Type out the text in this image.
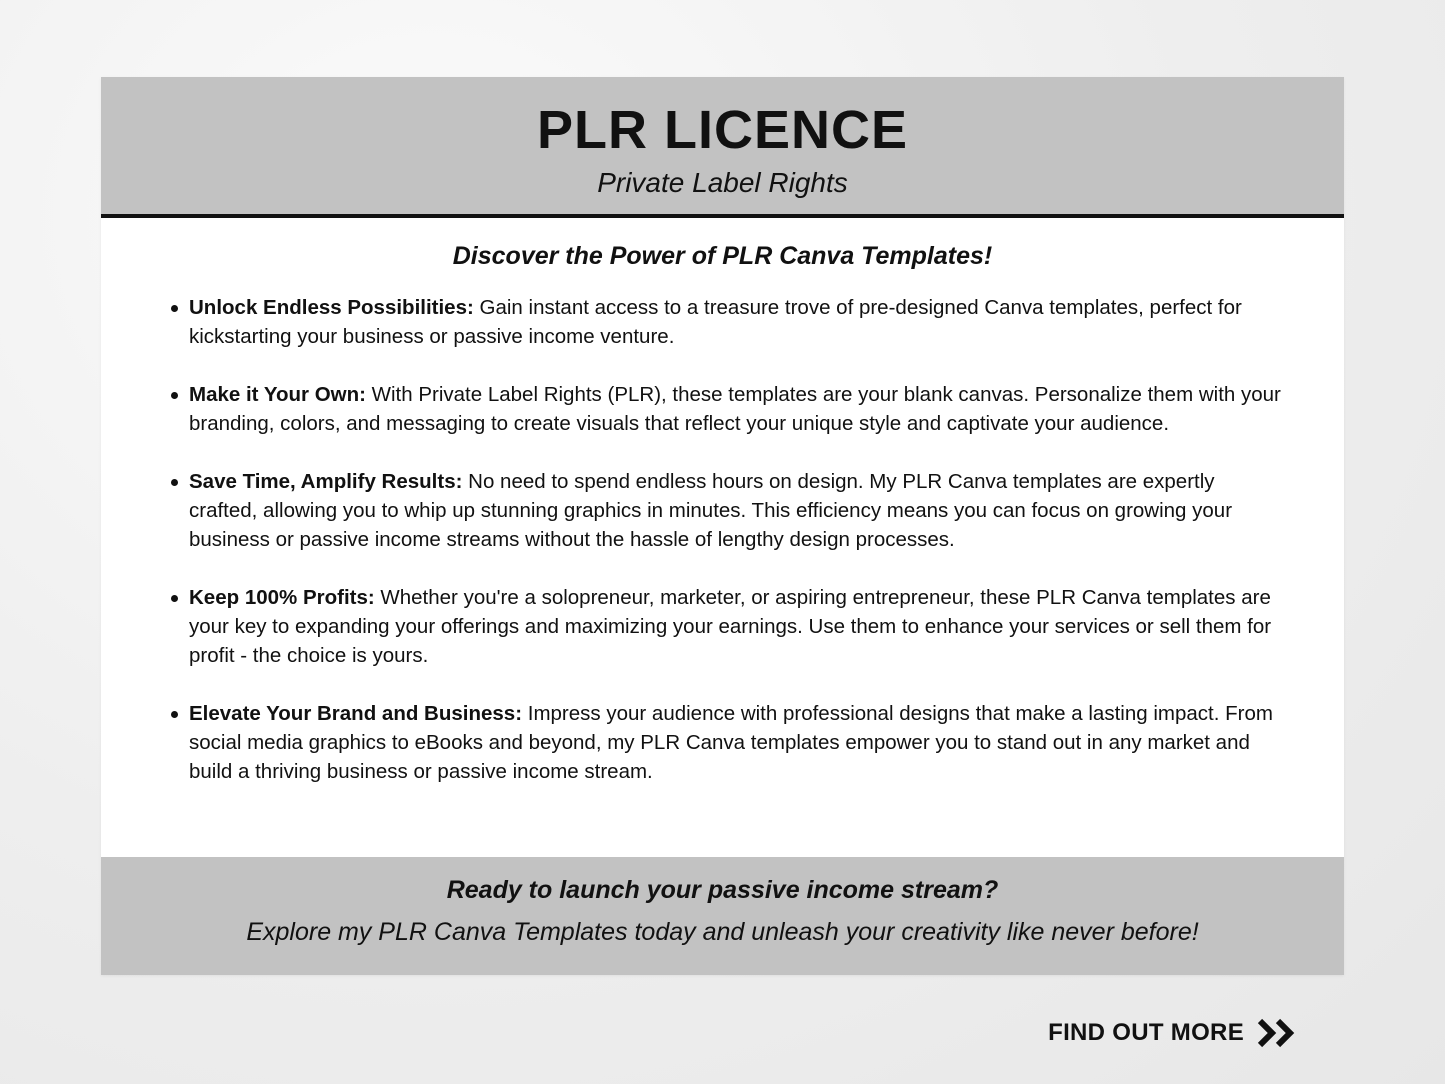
PLR LICENCE
Private Label Rights
Discover the Power of PLR Canva Templates!
Unlock Endless Possibilities: Gain instant access to a treasure trove of pre-designed Canva templates, perfect for kickstarting your business or passive income venture.
Make it Your Own: With Private Label Rights (PLR), these templates are your blank canvas. Personalize them with your branding, colors, and messaging to create visuals that reflect your unique style and captivate your audience.
Save Time, Amplify Results: No need to spend endless hours on design. My PLR Canva templates are expertly crafted, allowing you to whip up stunning graphics in minutes. This efficiency means you can focus on growing your business or passive income streams without the hassle of lengthy design processes.
Keep 100% Profits: Whether you're a solopreneur, marketer, or aspiring entrepreneur, these PLR Canva templates are your key to expanding your offerings and maximizing your earnings. Use them to enhance your services or sell them for profit - the choice is yours.
Elevate Your Brand and Business: Impress your audience with professional designs that make a lasting impact. From social media graphics to eBooks and beyond, my PLR Canva templates empower you to stand out in any market and build a thriving business or passive income stream.
Ready to launch your passive income stream?
Explore my PLR Canva Templates today and unleash your creativity like never before!
FIND OUT MORE
